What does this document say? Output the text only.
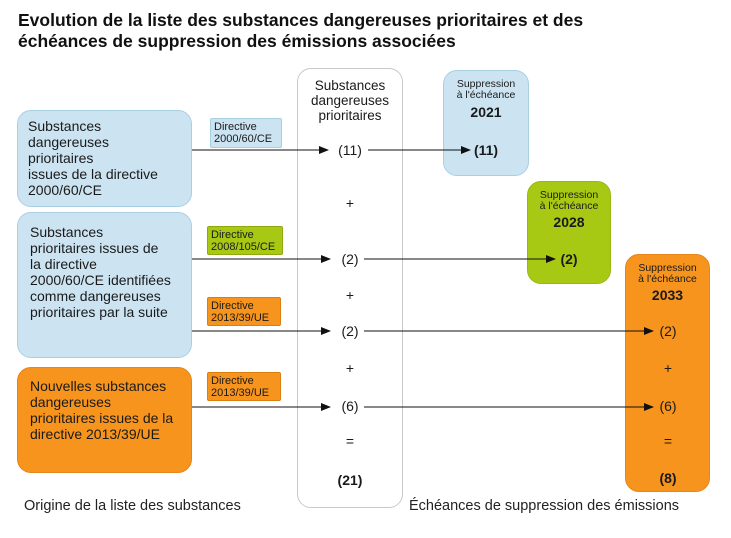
Evolution de la liste des substances dangereuses prioritaires et des
échéances de suppression des émissions associées
Substances
dangereuses
prioritaires
issues de la directive
2000/60/CE
Substances
prioritaires issues de
la directive
2000/60/CE identifiées
comme dangereuses
prioritaires par la suite
Nouvelles substances
dangereuses
prioritaires issues de la
directive 2013/39/UE
Directive
2000/60/CE
Directive
2008/105/CE
Directive
2013/39/UE
Directive
2013/39/UE
Substances
dangereuses
prioritaires
(11)
+
(2)
+
(2)
+
(6)
=
(21)
Suppression
à l'échéance
2021
(11)
Suppression
à l'échéance
2028
(2)
Suppression
à l'échéance
2033
(2)
+
(6)
=
(8)
Origine de la liste des substances	Échéances de suppression des émissions
